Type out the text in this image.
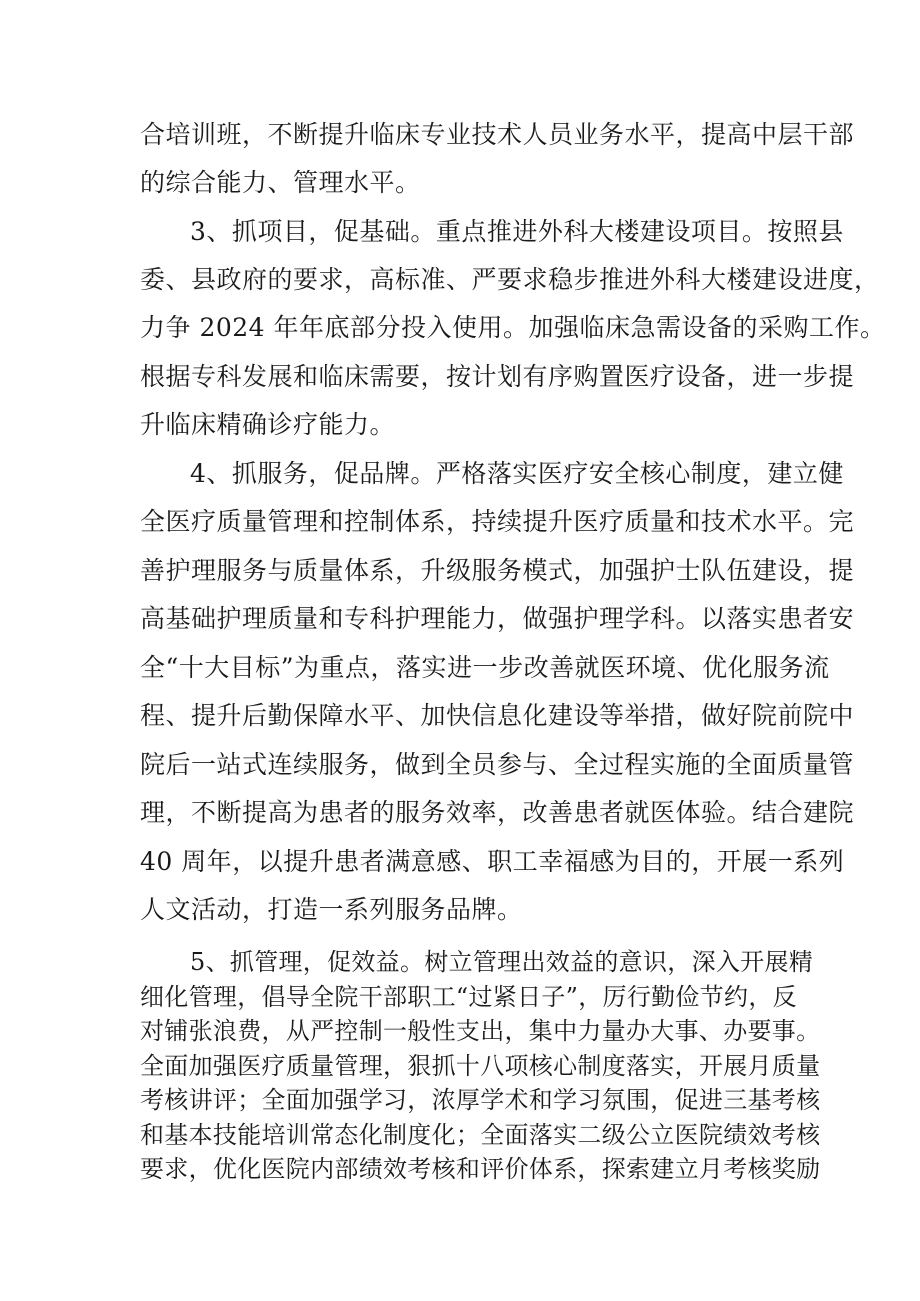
合培训班，不断提升临床专业技术人员业务水平，提高中层干部
的综合能力、管理水平。
3、抓项目，促基础。重点推进外科大楼建设项目。按照县
委、县政府的要求，高标准、严要求稳步推进外科大楼建设进度，
力争 2024 年年底部分投入使用。加强临床急需设备的采购工作。
根据专科发展和临床需要，按计划有序购置医疗设备，进一步提
升临床精确诊疗能力。
4、抓服务，促品牌。严格落实医疗安全核心制度，建立健
全医疗质量管理和控制体系，持续提升医疗质量和技术水平。完
善护理服务与质量体系，升级服务模式，加强护士队伍建设，提
高基础护理质量和专科护理能力，做强护理学科。以落实患者安
全“十大目标”为重点，落实进一步改善就医环境、优化服务流
程、提升后勤保障水平、加快信息化建设等举措，做好院前院中
院后一站式连续服务，做到全员参与、全过程实施的全面质量管
理，不断提高为患者的服务效率，改善患者就医体验。结合建院
40 周年，以提升患者满意感、职工幸福感为目的，开展一系列
人文活动，打造一系列服务品牌。
5、抓管理，促效益。树立管理出效益的意识，深入开展精
细化管理，倡导全院干部职工“过紧日子”，厉行勤俭节约，反
对铺张浪费，从严控制一般性支出，集中力量办大事、办要事。
全面加强医疗质量管理，狠抓十八项核心制度落实，开展月质量
考核讲评；全面加强学习，浓厚学术和学习氛围，促进三基考核
和基本技能培训常态化制度化；全面落实二级公立医院绩效考核
要求，优化医院内部绩效考核和评价体系，探索建立月考核奖励
